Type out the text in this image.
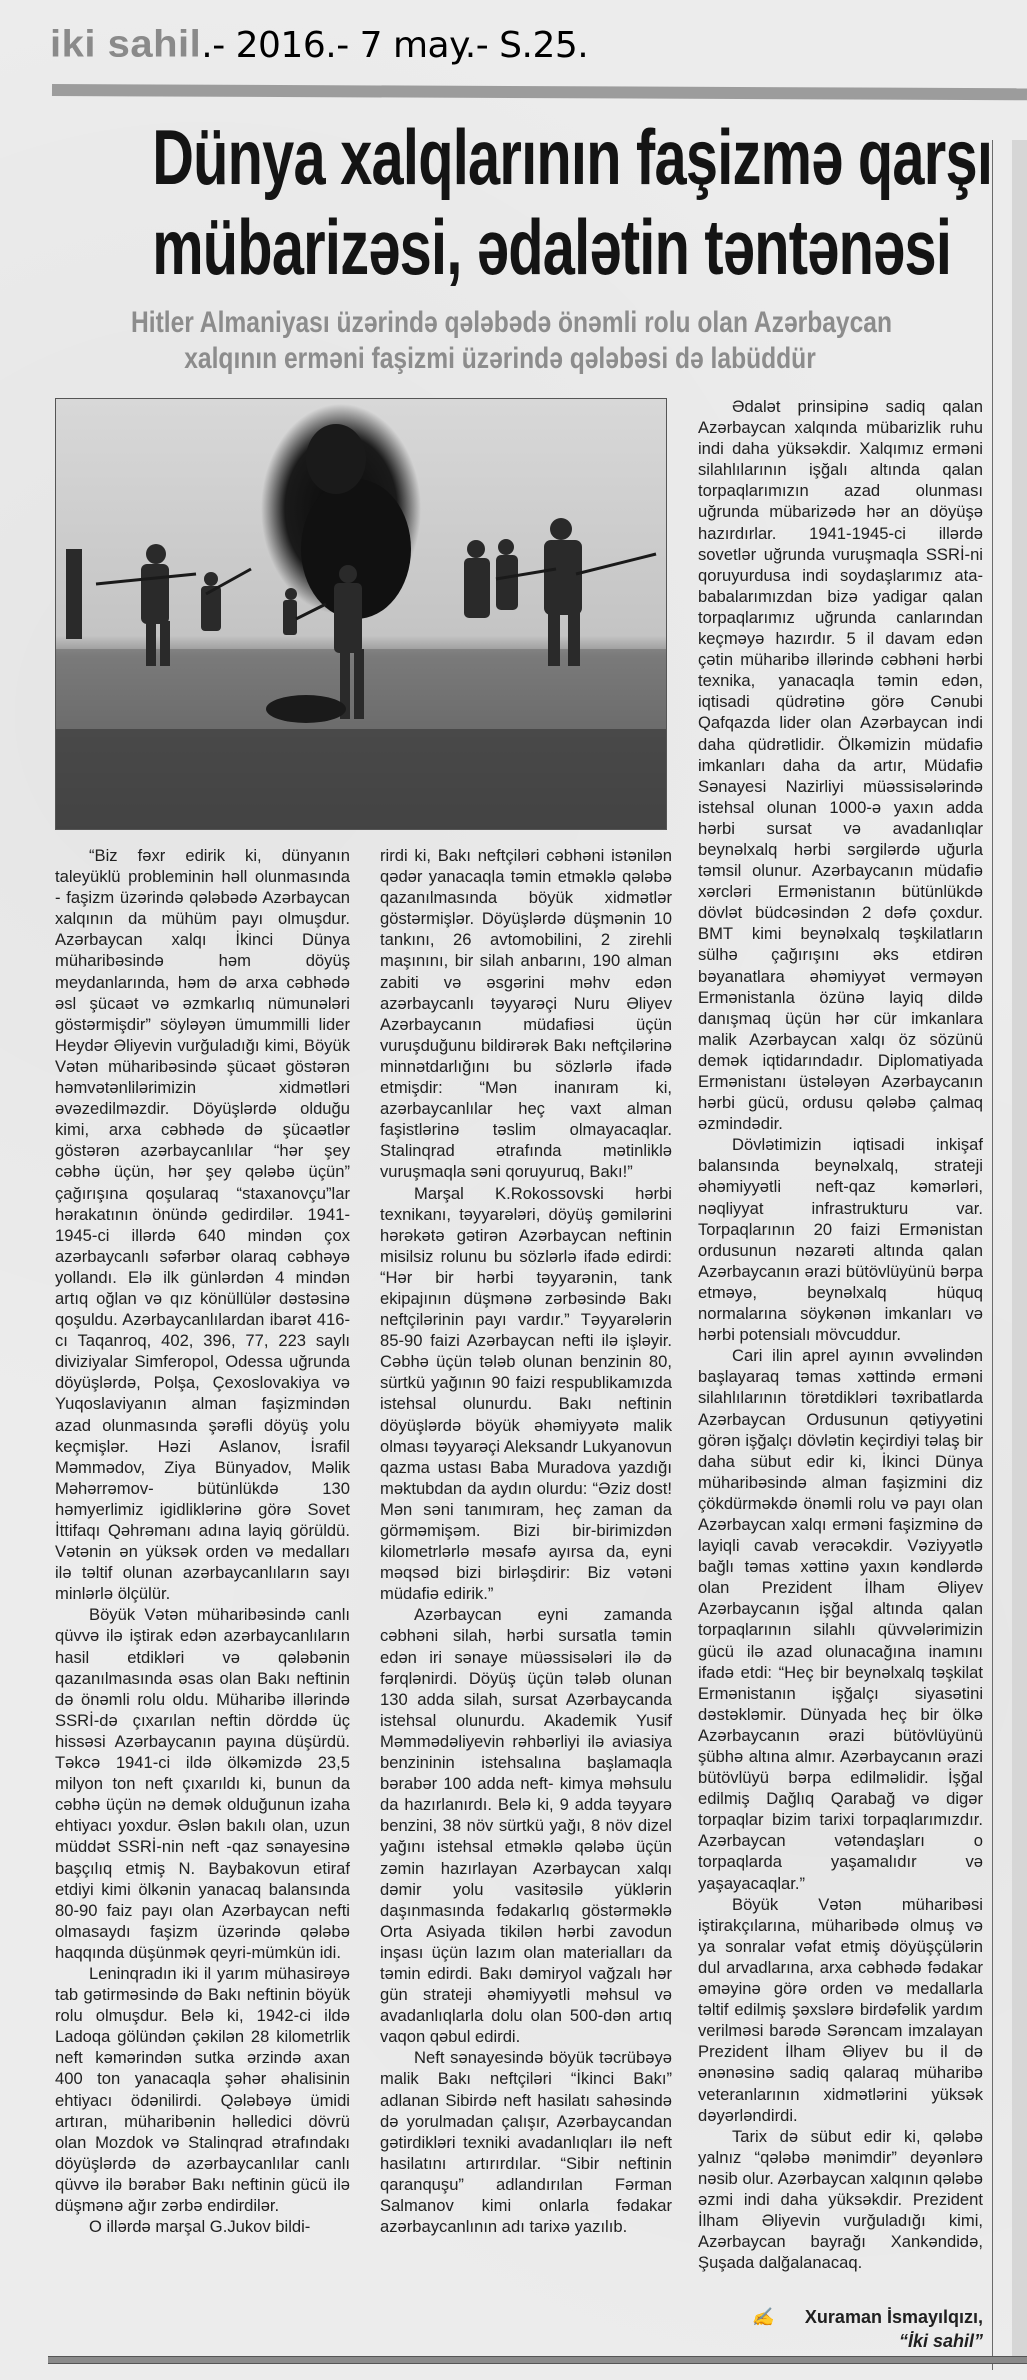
iki sahil .- 2016.- 7 may.- S.25.
Dünya xalqlarının faşizmə qarşı
mübarizəsi, ədalətin təntənəsi
Hitler Almaniyası üzərində qələbədə önəmli rolu olan Azərbaycan
xalqının erməni faşizmi üzərində qələbəsi də labüddür

“Biz fəxr edirik ki, dünyanın taleyüklü probleminin həll olunmasında - faşizm üzərində qələbədə Azərbaycan xalqının da mühüm payı olmuşdur. Azərbaycan xalqı İkinci Dünya müharibəsində həm döyüş meydanlarında, həm də arxa cəbhədə əsl şücaət və əzmkarlıq nümunələri göstərmişdir” söyləyən ümummilli lider Heydər Əliyevin vurğuladığı kimi, Böyük Vətən müharibəsində şücaət göstərən həmvətənlilərimizin xidmətləri əvəzedilməzdir. Döyüşlərdə olduğu kimi, arxa cəbhədə də şücaətlər göstərən azərbaycanlılar “hər şey cəbhə üçün, hər şey qələbə üçün” çağırışına qoşularaq “staxanovçu”lar hərakatının önündə gedirdilər. 1941-1945-ci illərdə 640 mindən çox azərbaycanlı səfərbər olaraq cəbhəyə yollandı. Elə ilk günlərdən 4 mindən artıq oğlan və qız könüllülər dəstəsinə qoşuldu. Azərbaycanlılardan ibarət 416-cı Taqanroq, 402, 396, 77, 223 saylı diviziyalar Simferopol, Odessa uğrunda döyüşlərdə, Polşa, Çexoslovakiya və Yuqoslaviyanın alman faşizmindən azad olunmasında şərəfli döyüş yolu keçmişlər. Həzi Aslanov, İsrafil Məmmədov, Ziya Bünyadov, Məlik Məhərrəmov- bütünlükdə 130 həmyerlimiz igidliklərinə görə Sovet İttifaqı Qəhrəmanı adına layiq görüldü. Vətənin ən yüksək orden və medalları ilə təltif olunan azərbaycanlıların sayı minlərlə ölçülür.

Böyük Vətən müharibəsində canlı qüvvə ilə iştirak edən azərbaycanlıların hasil etdikləri və qələbənin qazanılmasında əsas olan Bakı neftinin də önəmli rolu oldu. Müharibə illərində SSRİ-də çıxarılan neftin dörddə üç hissəsi Azərbaycanın payına düşürdü. Təkcə 1941-ci ildə ölkəmizdə 23,5 milyon ton neft çıxarıldı ki, bunun da cəbhə üçün nə demək olduğunun izaha ehtiyacı yoxdur. Əslən bakılı olan, uzun müddət SSRİ-nin neft -qaz sənayesinə başçılıq etmiş N. Baybakovun etiraf etdiyi kimi ölkənin yanacaq balansında 80-90 faiz payı olan Azərbaycan nefti olmasaydı faşizm üzərində qələbə haqqında düşünmək qeyri-mümkün idi.

Leninqradın iki il yarım mühasirəyə tab gətirməsində də Bakı neftinin böyük rolu olmuşdur. Belə ki, 1942-ci ildə Ladoqa gölündən çəkilən 28 kilometrlik neft kəmərindən sutka ərzində axan 400 ton yanacaqla şəhər əhalisinin ehtiyacı ödənilirdi. Qələbəyə ümidi artıran, müharibənin həlledici dövrü olan Mozdok və Stalinqrad ətrafındakı döyüşlərdə də azərbaycanlılar canlı qüvvə ilə bərabər Bakı neftinin gücü ilə düşmənə ağır zərbə endirdilər.

O illərdə marşal G.Jukov bildi-

rirdi ki, Bakı neftçiləri cəbhəni istənilən qədər yanacaqla təmin etməklə qələbə qazanılmasında böyük xidmətlər göstərmişlər. Döyüşlərdə düşmənin 10 tankını, 26 avtomobilini, 2 zirehli maşınını, bir silah anbarını, 190 alman zabiti və əsgərini məhv edən azərbaycanlı təyyarəçi Nuru Əliyev Azərbaycanın müdafiəsi üçün vuruşduğunu bildirərək Bakı neftçilərinə minnətdarlığını bu sözlərlə ifadə etmişdir: “Mən inanıram ki, azərbaycanlılar heç vaxt alman faşistlərinə təslim olmayacaqlar. Stalinqrad ətrafında mətinliklə vuruşmaqla səni qoruyuruq, Bakı!”

Marşal K.Rokossovski hərbi texnikanı, təyyarələri, döyüş gəmilərini hərəkətə gətirən Azərbaycan neftinin misilsiz rolunu bu sözlərlə ifadə edirdi: “Hər bir hərbi təyyarənin, tank ekipajının düşmənə zərbəsində Bakı neftçilərinin payı vardır.” Təyyarələrin 85-90 faizi Azərbaycan nefti ilə işləyir. Cəbhə üçün tələb olunan benzinin 80, sürtkü yağının 90 faizi respublikamızda istehsal olunurdu. Bakı neftinin döyüşlərdə böyük əhəmiyyətə malik olması təyyarəçi Aleksandr Lukyanovun qazma ustası Baba Muradova yazdığı məktubdan da aydın olurdu: “Əziz dost! Mən səni tanımıram, heç zaman da görməmişəm. Bizi bir-birimizdən kilometrlərlə məsafə ayırsa da, eyni məqsəd bizi birləşdirir: Biz vətəni müdafiə edirik.”

Azərbaycan eyni zamanda cəbhəni silah, hərbi sursatla təmin edən iri sənaye müəssisələri ilə də fərqlənirdi. Döyüş üçün tələb olunan 130 adda silah, sursat Azərbaycanda istehsal olunurdu. Akademik Yusif Məmmədəliyevin rəhbərliyi ilə aviasiya benzininin istehsalına başlamaqla bərabər 100 adda neft- kimya məhsulu da hazırlanırdı. Belə ki, 9 adda təyyarə benzini, 38 növ sürtkü yağı, 8 növ dizel yağını istehsal etməklə qələbə üçün zəmin hazırlayan Azərbaycan xalqı dəmir yolu vasitəsilə yüklərin daşınmasında fədakarlıq göstərməklə Orta Asiyada tikilən hərbi zavodun inşası üçün lazım olan materialları da təmin edirdi. Bakı dəmiryol vağzalı hər gün strateji əhəmiyyətli məhsul və avadanlıqlarla dolu olan 500-dən artıq vaqon qəbul edirdi.

Neft sənayesində böyük təcrübəyə malik Bakı neftçiləri “İkinci Bakı” adlanan Sibirdə neft hasilatı sahəsində də yorulmadan çalışır, Azərbaycandan gətirdikləri texniki avadanlıqları ilə neft hasilatını artırırdılar. “Sibir neftinin qaranquşu” adlandırılan Fərman Salmanov kimi onlarla fədakar azərbaycanlının adı tarixə yazılıb.

Ədalət prinsipinə sadiq qalan Azərbaycan xalqında mübarizlik ruhu indi daha yüksəkdir. Xalqımız erməni silahlılarının işğalı altında qalan torpaqlarımızın azad olunması uğrunda mübarizədə hər an döyüşə hazırdırlar. 1941-1945-ci illərdə sovetlər uğrunda vuruşmaqla SSRİ-ni qoruyurdusa indi soydaşlarımız ata-babalarımızdan bizə yadigar qalan torpaqlarımız uğrunda canlarından keçməyə hazırdır. 5 il davam edən çətin müharibə illərində cəbhəni hərbi texnika, yanacaqla təmin edən, iqtisadi qüdrətinə görə Cənubi Qafqazda lider olan Azərbaycan indi daha qüdrətlidir. Ölkəmizin müdafiə imkanları daha da artır, Müdafiə Sənayesi Nazirliyi müəssisələrində istehsal olunan 1000-ə yaxın adda hərbi sursat və avadanlıqlar beynəlxalq hərbi sərgilərdə uğurla təmsil olunur. Azərbaycanın müdafiə xərcləri Ermənistanın bütünlükdə dövlət büdcəsindən 2 dəfə çoxdur. BMT kimi beynəlxalq təşkilatların sülhə çağırışını əks etdirən bəyanatlara əhəmiyyət verməyən Ermənistanla özünə layiq dildə danışmaq üçün hər cür imkanlara malik Azərbaycan xalqı öz sözünü demək iqtidarındadır. Diplomatiyada Ermənistanı üstələyən Azərbaycanın hərbi gücü, ordusu qələbə çalmaq əzmindədir.

Dövlətimizin iqtisadi inkişaf balansında beynəlxalq, strateji əhəmiyyətli neft-qaz kəmərləri, nəqliyyat infrastrukturu var. Torpaqlarının 20 faizi Ermənistan ordusunun nəzarəti altında qalan Azərbaycanın ərazi bütövlüyünü bərpa etməyə, beynəlxalq hüquq normalarına söykənən imkanları və hərbi potensialı mövcuddur.

Cari ilin aprel ayının əvvəlindən başlayaraq təmas xəttində erməni silahlılarının törətdikləri təxribatlarda Azərbaycan Ordusunun qətiyyətini görən işğalçı dövlətin keçirdiyi təlaş bir daha sübut edir ki, İkinci Dünya müharibəsində alman faşizmini diz çökdürməkdə önəmli rolu və payı olan Azərbaycan xalqı erməni faşizminə də layiqli cavab verəcəkdir. Vəziyyətlə bağlı təmas xəttinə yaxın kəndlərdə olan Prezident İlham Əliyev Azərbaycanın işğal altında qalan torpaqlarının silahlı qüvvələrimizin gücü ilə azad olunacağına inamını ifadə etdi: “Heç bir beynəlxalq təşkilat Ermənistanın işğalçı siyasətini dəstəkləmir. Dünyada heç bir ölkə Azərbaycanın ərazi bütövlüyünü şübhə altına almır. Azərbaycanın ərazi bütövlüyü bərpa edilməlidir. İşğal edilmiş Dağlıq Qarabağ və digər torpaqlar bizim tarixi torpaqlarımızdır. Azərbaycan vətəndaşları o torpaqlarda yaşamalıdır və yaşayacaqlar.”

Böyük Vətən müharibəsi iştirakçılarına, müharibədə olmuş və ya sonralar vəfat etmiş döyüşçülərin dul arvadlarına, arxa cəbhədə fədakar əməyinə görə orden və medallarla təltif edilmiş şəxslərə birdəfəlik yardım verilməsi barədə Sərəncam imzalayan Prezident İlham Əliyev bu il də ənənəsinə sadiq qalaraq müharibə veteranlarının xidmətlərini yüksək dəyərləndirdi.

Tarix də sübut edir ki, qələbə yalnız “qələbə mənimdir” deyənlərə nəsib olur. Azərbaycan xalqının qələbə əzmi indi daha yüksəkdir. Prezident İlham Əliyevin vurğuladığı kimi, Azərbaycan bayrağı Xankəndidə, Şuşada dalğalanacaq.

✍ Xuraman İsmayılqızı,
“İki sahil”
